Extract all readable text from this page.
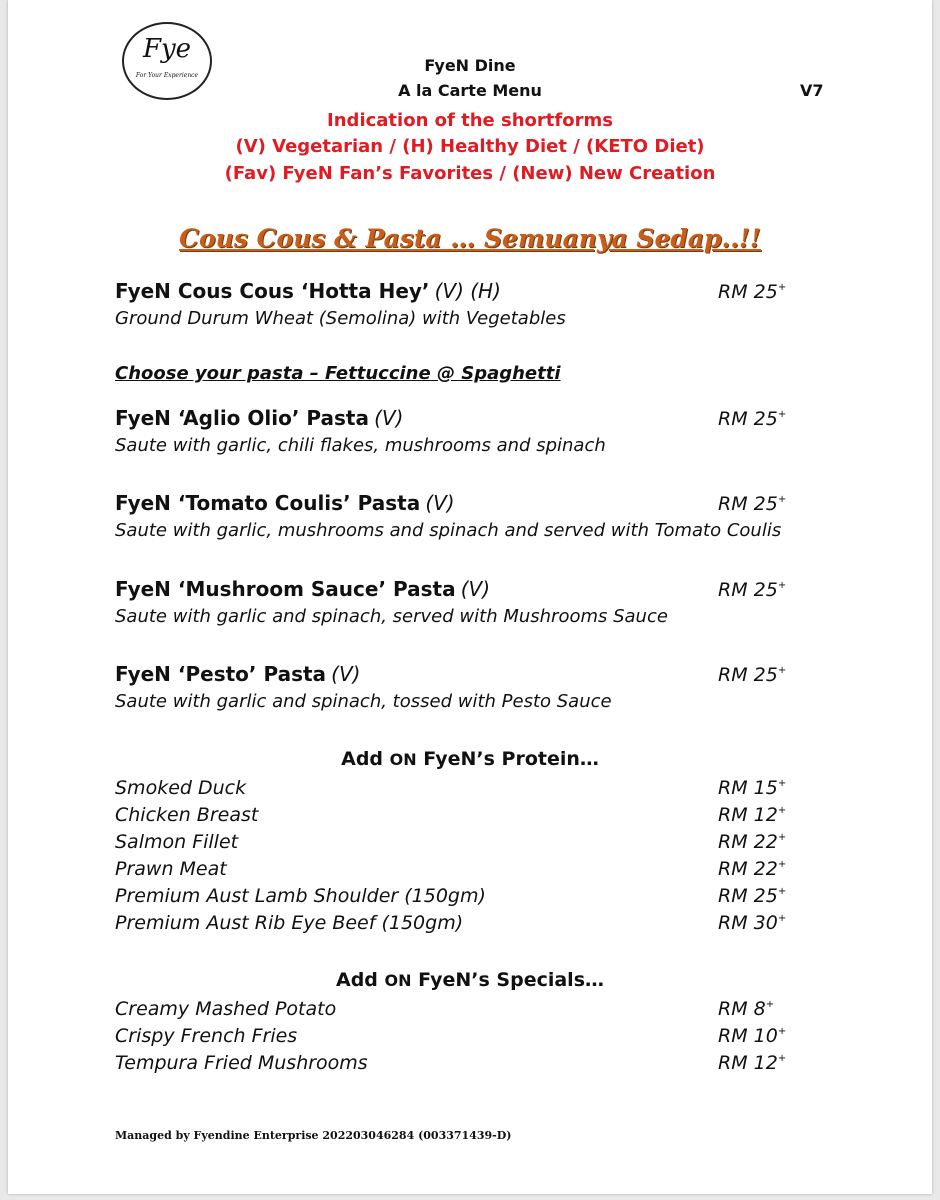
Fye
For Your Experience
FyeN Dine
A la Carte Menu	V7
Indication of the shortforms
(V) Vegetarian / (H) Healthy Diet / (KETO Diet)
(Fav) FyeN Fan’s Favorites / (New) New Creation
Cous Cous & Pasta … Semuanya Sedap..!!
FyeN Cous Cous ‘Hotta Hey’ (V) (H)	RM 25+
Ground Durum Wheat (Semolina) with Vegetables
Choose your pasta – Fettuccine @ Spaghetti
FyeN ‘Aglio Olio’ Pasta (V)	RM 25+
Saute with garlic, chili flakes, mushrooms and spinach
FyeN ‘Tomato Coulis’ Pasta (V)	RM 25+
Saute with garlic, mushrooms and spinach and served with Tomato Coulis
FyeN ‘Mushroom Sauce’ Pasta (V)	RM 25+
Saute with garlic and spinach, served with Mushrooms Sauce
FyeN ‘Pesto’ Pasta (V)	RM 25+
Saute with garlic and spinach, tossed with Pesto Sauce
Add ON FyeN’s Protein…
Smoked Duck	RM 15+
Chicken Breast	RM 12+
Salmon Fillet	RM 22+
Prawn Meat	RM 22+
Premium Aust Lamb Shoulder (150gm)	RM 25+
Premium Aust Rib Eye Beef (150gm)	RM 30+
Add ON FyeN’s Specials…
Creamy Mashed Potato	RM 8+
Crispy French Fries	RM 10+
Tempura Fried Mushrooms	RM 12+
Managed by Fyendine Enterprise 202203046284 (003371439-D)
